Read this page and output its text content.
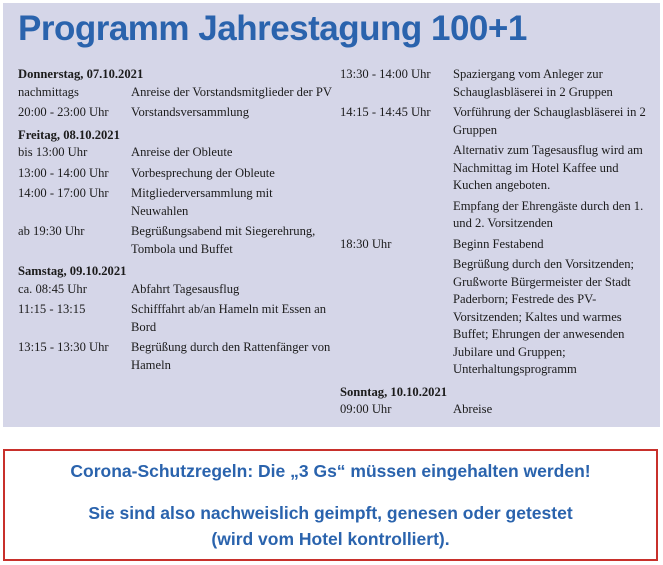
Programm Jahrestagung 100+1

Donnerstag, 07.10.2021

nachmittags	Anreise der Vorstandsmitglieder der PV
20:00 - 23:00 Uhr	Vorstandsversammlung

Freitag, 08.10.2021

bis 13:00 Uhr	Anreise der Obleute
13:00 - 14:00 Uhr	Vorbesprechung der Obleute
14:00 - 17:00 Uhr	Mitgliederversammlung mit Neuwahlen
ab 19:30 Uhr	Begrüßungsabend mit Siegerehrung, Tombola und Buffet

Samstag, 09.10.2021

ca. 08:45 Uhr	Abfahrt Tagesausflug
11:15 - 13:15	Schifffahrt ab/an Hameln mit Essen an Bord
13:15 - 13:30 Uhr	Begrüßung durch den Rattenfänger von Hameln
13:30 - 14:00 Uhr	Spaziergang vom Anleger zur Schauglasbläserei in 2 Gruppen
14:15 - 14:45 Uhr	Vorführung der Schauglasbläserei in 2 Gruppen
Alternativ zum Tagesausflug wird am Nachmittag im Hotel Kaffee und Kuchen angeboten.
Empfang der Ehrengäste durch den 1. und 2. Vorsitzenden
18:30 Uhr	Beginn Festabend
Begrüßung durch den Vorsitzenden; Grußworte Bürgermeister der Stadt Paderborn; Festrede des PV-Vorsitzenden; Kaltes und warmes Buffet; Ehrungen der anwesenden Jubilare und Gruppen; Unterhaltungsprogramm

Sonntag, 10.10.2021

09:00 Uhr	Abreise

Corona-Schutzregeln: Die „3 Gs“ müssen eingehalten werden!

Sie sind also nachweislich geimpft, genesen oder getestet

(wird vom Hotel kontrolliert).
